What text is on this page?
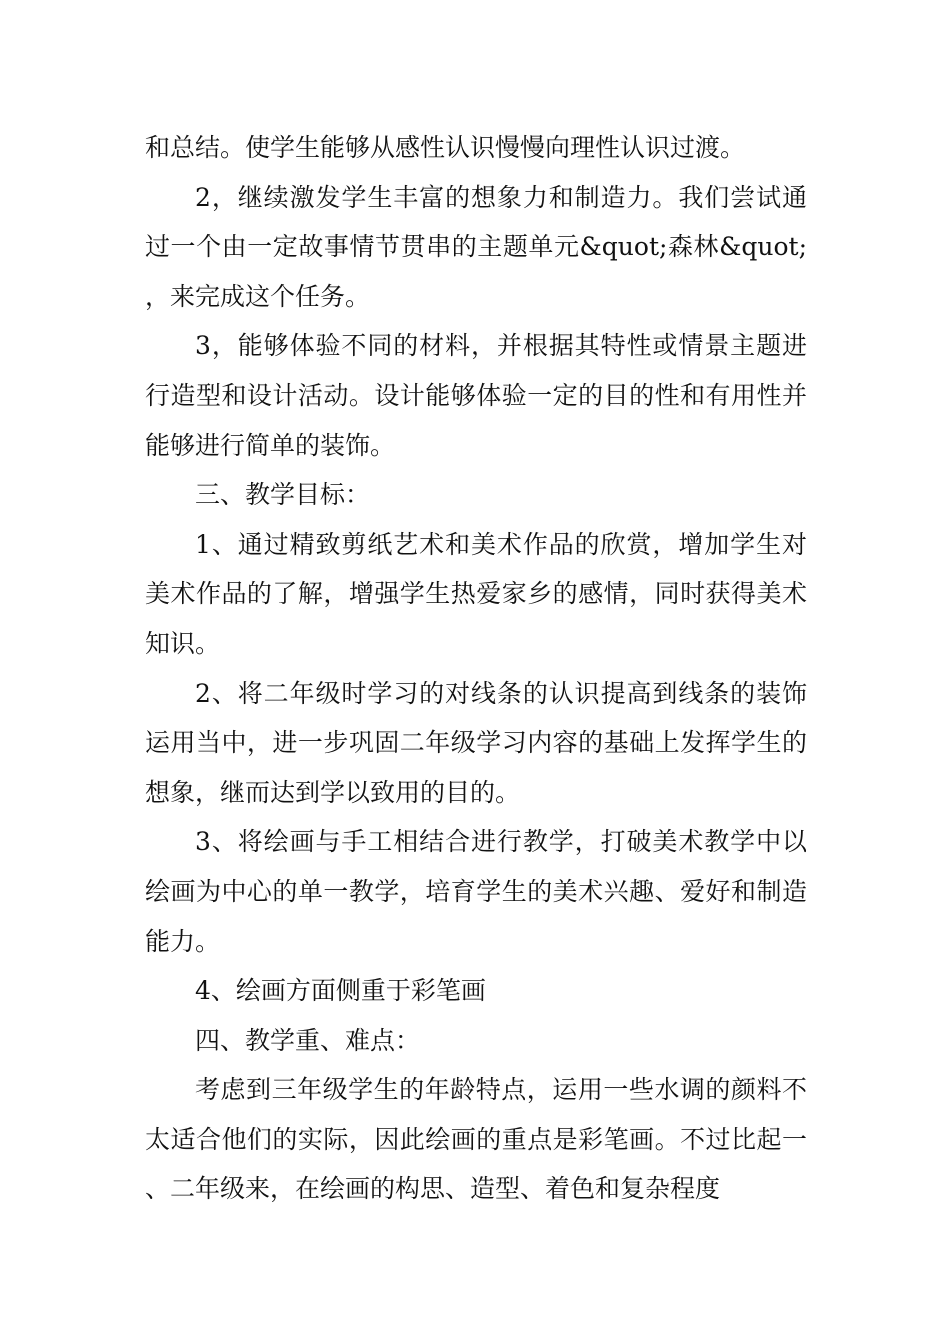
和总结。使学生能够从感性认识慢慢向理性认识过渡。

2，继续激发学生丰富的想象力和制造力。我们尝试通过一个由一定故事情节贯串的主题单元&quot;森林&quot;，来完成这个任务。

3，能够体验不同的材料，并根据其特性或情景主题进行造型和设计活动。设计能够体验一定的目的性和有用性并能够进行简单的装饰。

三、教学目标：

1、通过精致剪纸艺术和美术作品的欣赏，增加学生对美术作品的了解，增强学生热爱家乡的感情，同时获得美术知识。

2、将二年级时学习的对线条的认识提高到线条的装饰运用当中，进一步巩固二年级学习内容的基础上发挥学生的想象，继而达到学以致用的目的。

3、将绘画与手工相结合进行教学，打破美术教学中以绘画为中心的单一教学，培育学生的美术兴趣、爱好和制造能力。

4、绘画方面侧重于彩笔画

四、教学重、难点：

考虑到三年级学生的年龄特点，运用一些水调的颜料不太适合他们的实际，因此绘画的重点是彩笔画。不过比起一、二年级来，在绘画的构思、造型、着色和复杂程度
